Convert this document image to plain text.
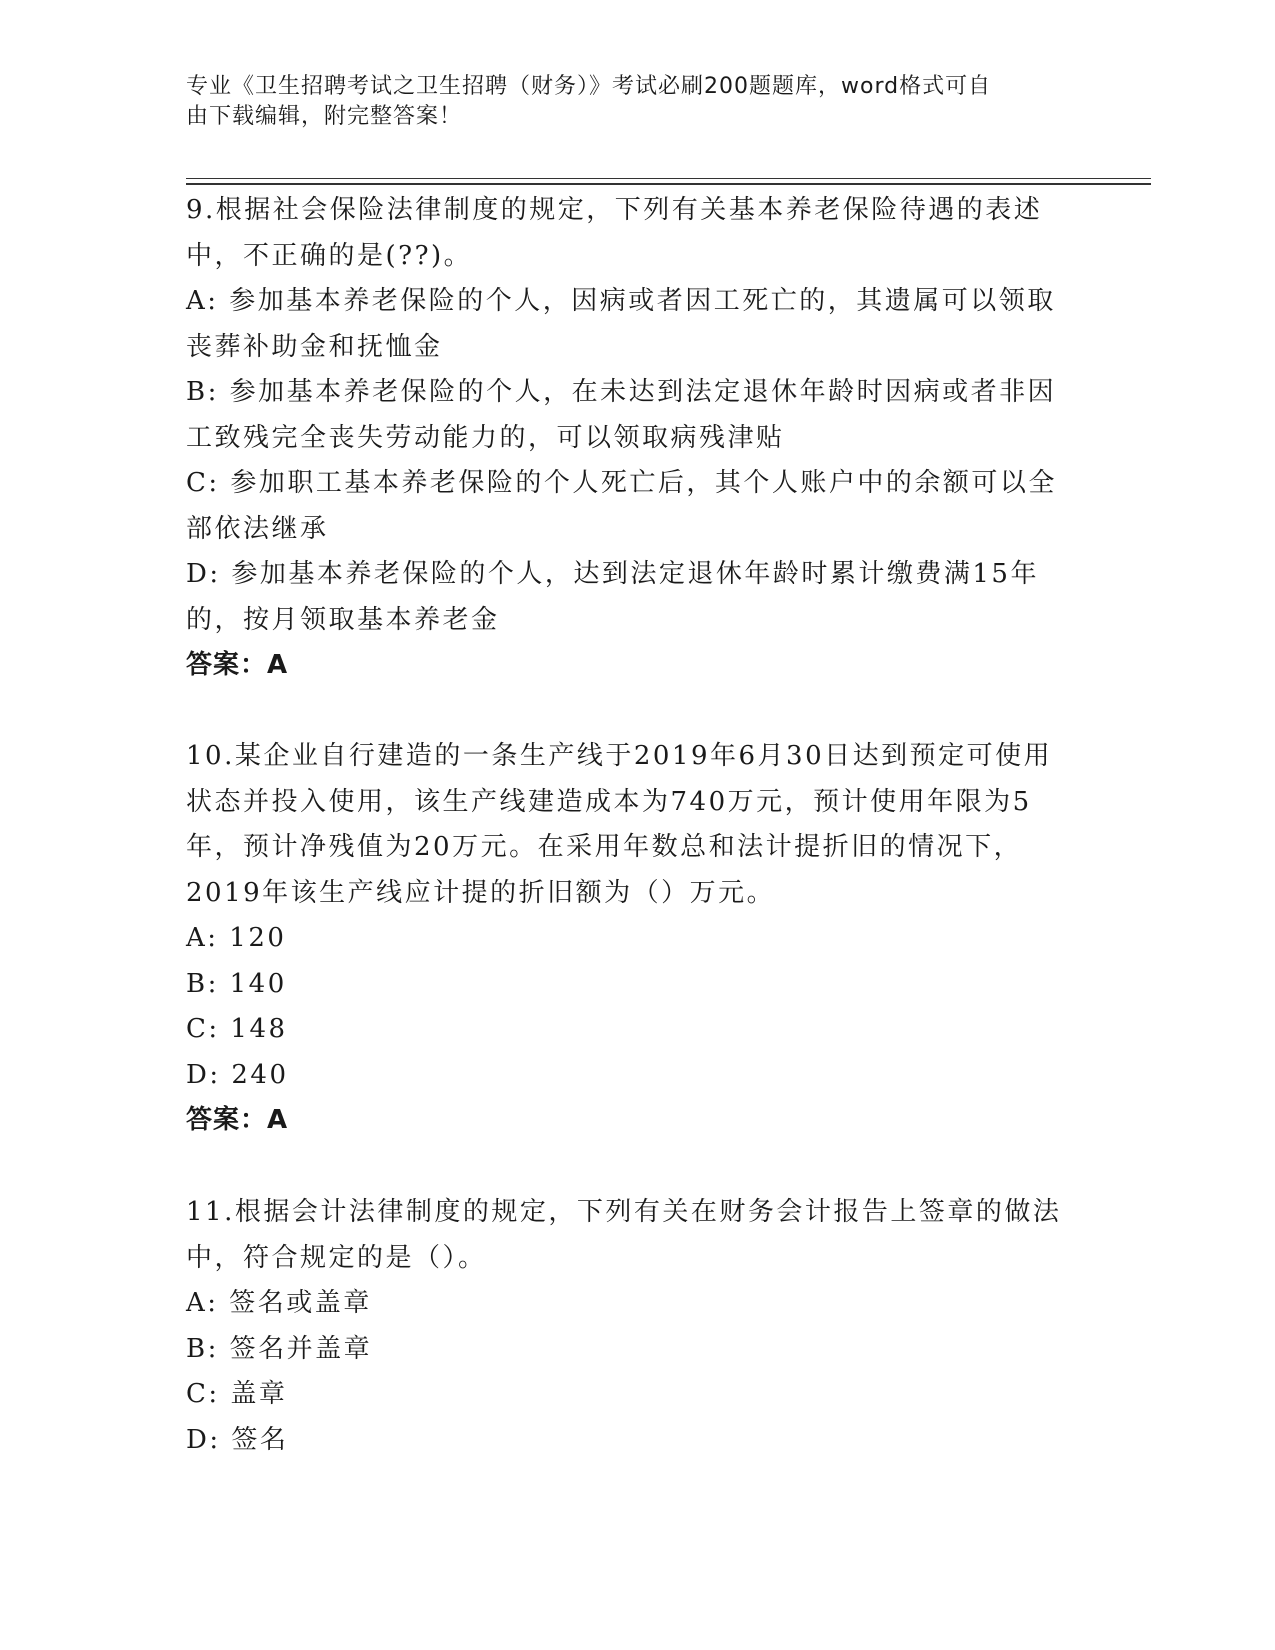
专业《卫生招聘考试之卫生招聘（财务）》考试必刷200题题库，word格式可自
由下载编辑，附完整答案！
9.根据社会保险法律制度的规定，下列有关基本养老保险待遇的表述
中，不正确的是(??)。
A: 参加基本养老保险的个人，因病或者因工死亡的，其遗属可以领取
丧葬补助金和抚恤金
B: 参加基本养老保险的个人，在未达到法定退休年龄时因病或者非因
工致残完全丧失劳动能力的，可以领取病残津贴
C: 参加职工基本养老保险的个人死亡后，其个人账户中的余额可以全
部依法继承
D: 参加基本养老保险的个人，达到法定退休年龄时累计缴费满15年
的，按月领取基本养老金
答案：A
10.某企业自行建造的一条生产线于2019年6月30日达到预定可使用
状态并投入使用，该生产线建造成本为740万元，预计使用年限为5
年，预计净残值为20万元。在采用年数总和法计提折旧的情况下，
2019年该生产线应计提的折旧额为（）万元。
A: 120
B: 140
C: 148
D: 240
答案：A
11.根据会计法律制度的规定，下列有关在财务会计报告上签章的做法
中，符合规定的是（）。
A: 签名或盖章
B: 签名并盖章
C: 盖章
D: 签名
